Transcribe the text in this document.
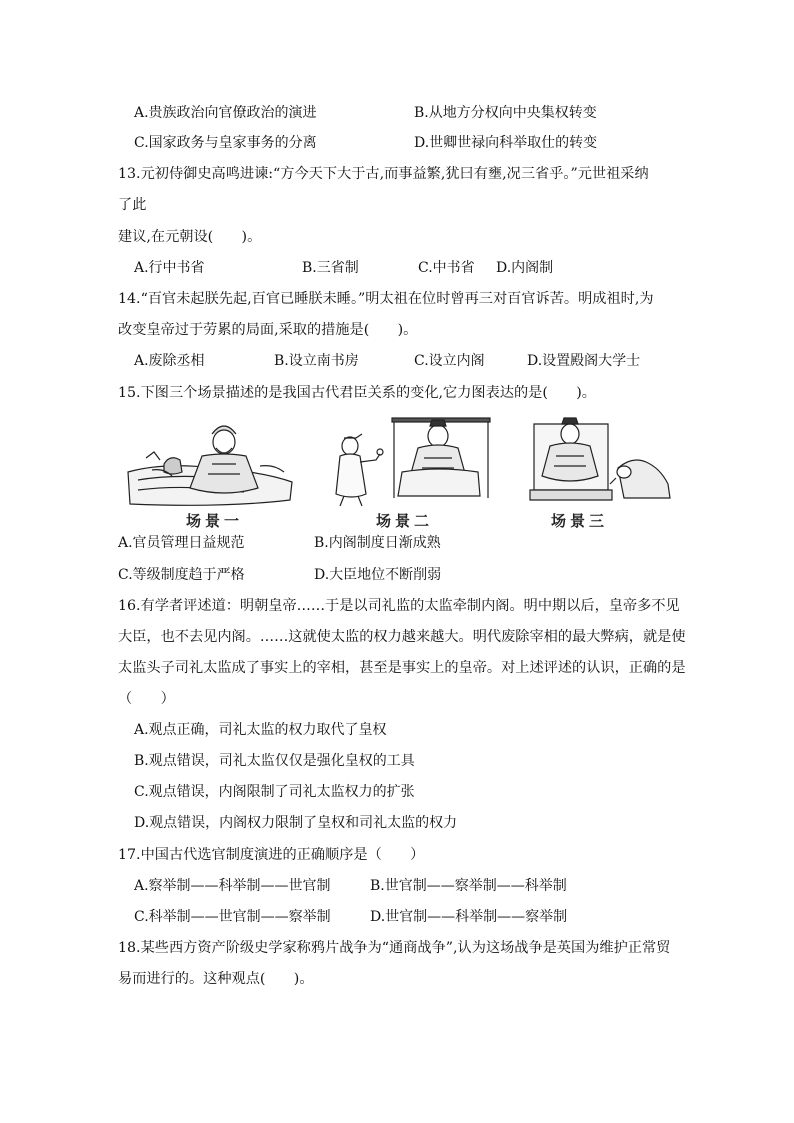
A.贵族政治向官僚政治的演进	B.从地方分权向中央集权转变
C.国家政务与皇家事务的分离	D.世卿世禄向科举取仕的转变
13.元初侍御史高鸣进谏:“方今天下大于古,而事益繁,犹曰有壅,况三省乎。”元世祖采纳
了此
建议,在元朝设(　　)。
A.行中书省	B.三省制	C.中书省 D.内阁制
14.“百官未起朕先起,百官已睡朕未睡。”明太祖在位时曾再三对百官诉苦。明成祖时,为
改变皇帝过于劳累的局面,采取的措施是(　　)。
A.废除丞相	B.设立南书房	C.设立内阁	D.设置殿阁大学士
15.下图三个场景描述的是我国古代君臣关系的变化,它力图表达的是(　　)。
场景一	场景二	场景三
A.官员管理日益规范	B.内阁制度日渐成熟
C.等级制度趋于严格	D.大臣地位不断削弱
16.有学者评述道：明朝皇帝……于是以司礼监的太监牵制内阁。明中期以后，皇帝多不见
大臣，也不去见内阁。……这就使太监的权力越来越大。明代废除宰相的最大弊病，就是使
太监头子司礼太监成了事实上的宰相，甚至是事实上的皇帝。对上述评述的认识，正确的是
（　　）
A.观点正确，司礼太监的权力取代了皇权
B.观点错误，司礼太监仅仅是强化皇权的工具
C.观点错误，内阁限制了司礼太监权力的扩张
D.观点错误，内阁权力限制了皇权和司礼太监的权力
17.中国古代选官制度演进的正确顺序是（　　）
A.察举制——科举制——世官制	B.世官制——察举制——科举制
C.科举制——世官制——察举制	D.世官制——科举制——察举制
18.某些西方资产阶级史学家称鸦片战争为“通商战争”,认为这场战争是英国为维护正常贸
易而进行的。这种观点(　　)。
